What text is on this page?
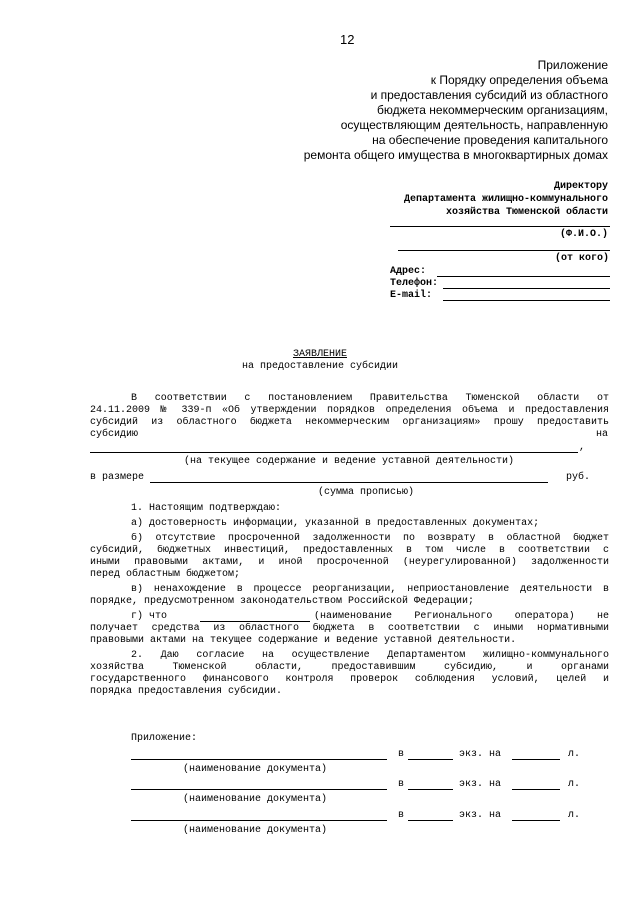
12
Приложение
к Порядку определения объема
и предоставления субсидий из областного
бюджета некоммерческим организациям,
осуществляющим деятельность, направленную
на обеспечение проведения капитального
ремонта общего имущества в многоквартирных домах
Директору
Департамента жилищно-коммунального
хозяйства Тюменской области
(Ф.И.О.)
(от кого)
Адрес:
Телефон:
E-mail:
ЗАЯВЛЕНИЕ
на предоставление субсидии
В соответствии с постановлением Правительства Тюменской области от
24.11.2009 № 339-п «Об утверждении порядков определения объема и предоставления
субсидий из областного бюджета некоммерческим организациям» прошу предоставить
субсидию	на
,
(на текущее содержание и ведение уставной деятельности)
в размере	руб.
(сумма прописью)
1. Настоящим подтверждаю:
а) достоверность информации, указанной в предоставленных документах;
б) отсутствие просроченной задолженности по возврату в областной бюджет
субсидий, бюджетных инвестиций, предоставленных в том числе в соответствии с
иными правовыми актами, и иной просроченной (неурегулированной) задолженности
перед областным бюджетом;
в) ненахождение в процессе реорганизации, неприостановление деятельности в
порядке, предусмотренном законодательством Российской Федерации;
г) что	(наименование Регионального оператора) не
получает средства из областного бюджета в соответствии с иными нормативными
правовыми актами на текущее содержание и ведение уставной деятельности.
2. Даю согласие на осуществление Департаментом жилищно-коммунального
хозяйства Тюменской области, предоставившим субсидию, и органами
государственного финансового контроля проверок соблюдения условий, целей и
порядка предоставления субсидии.
Приложение:
в	экз. на	л.
(наименование документа)
в	экз. на	л.
(наименование документа)
в	экз. на	л.
(наименование документа)
